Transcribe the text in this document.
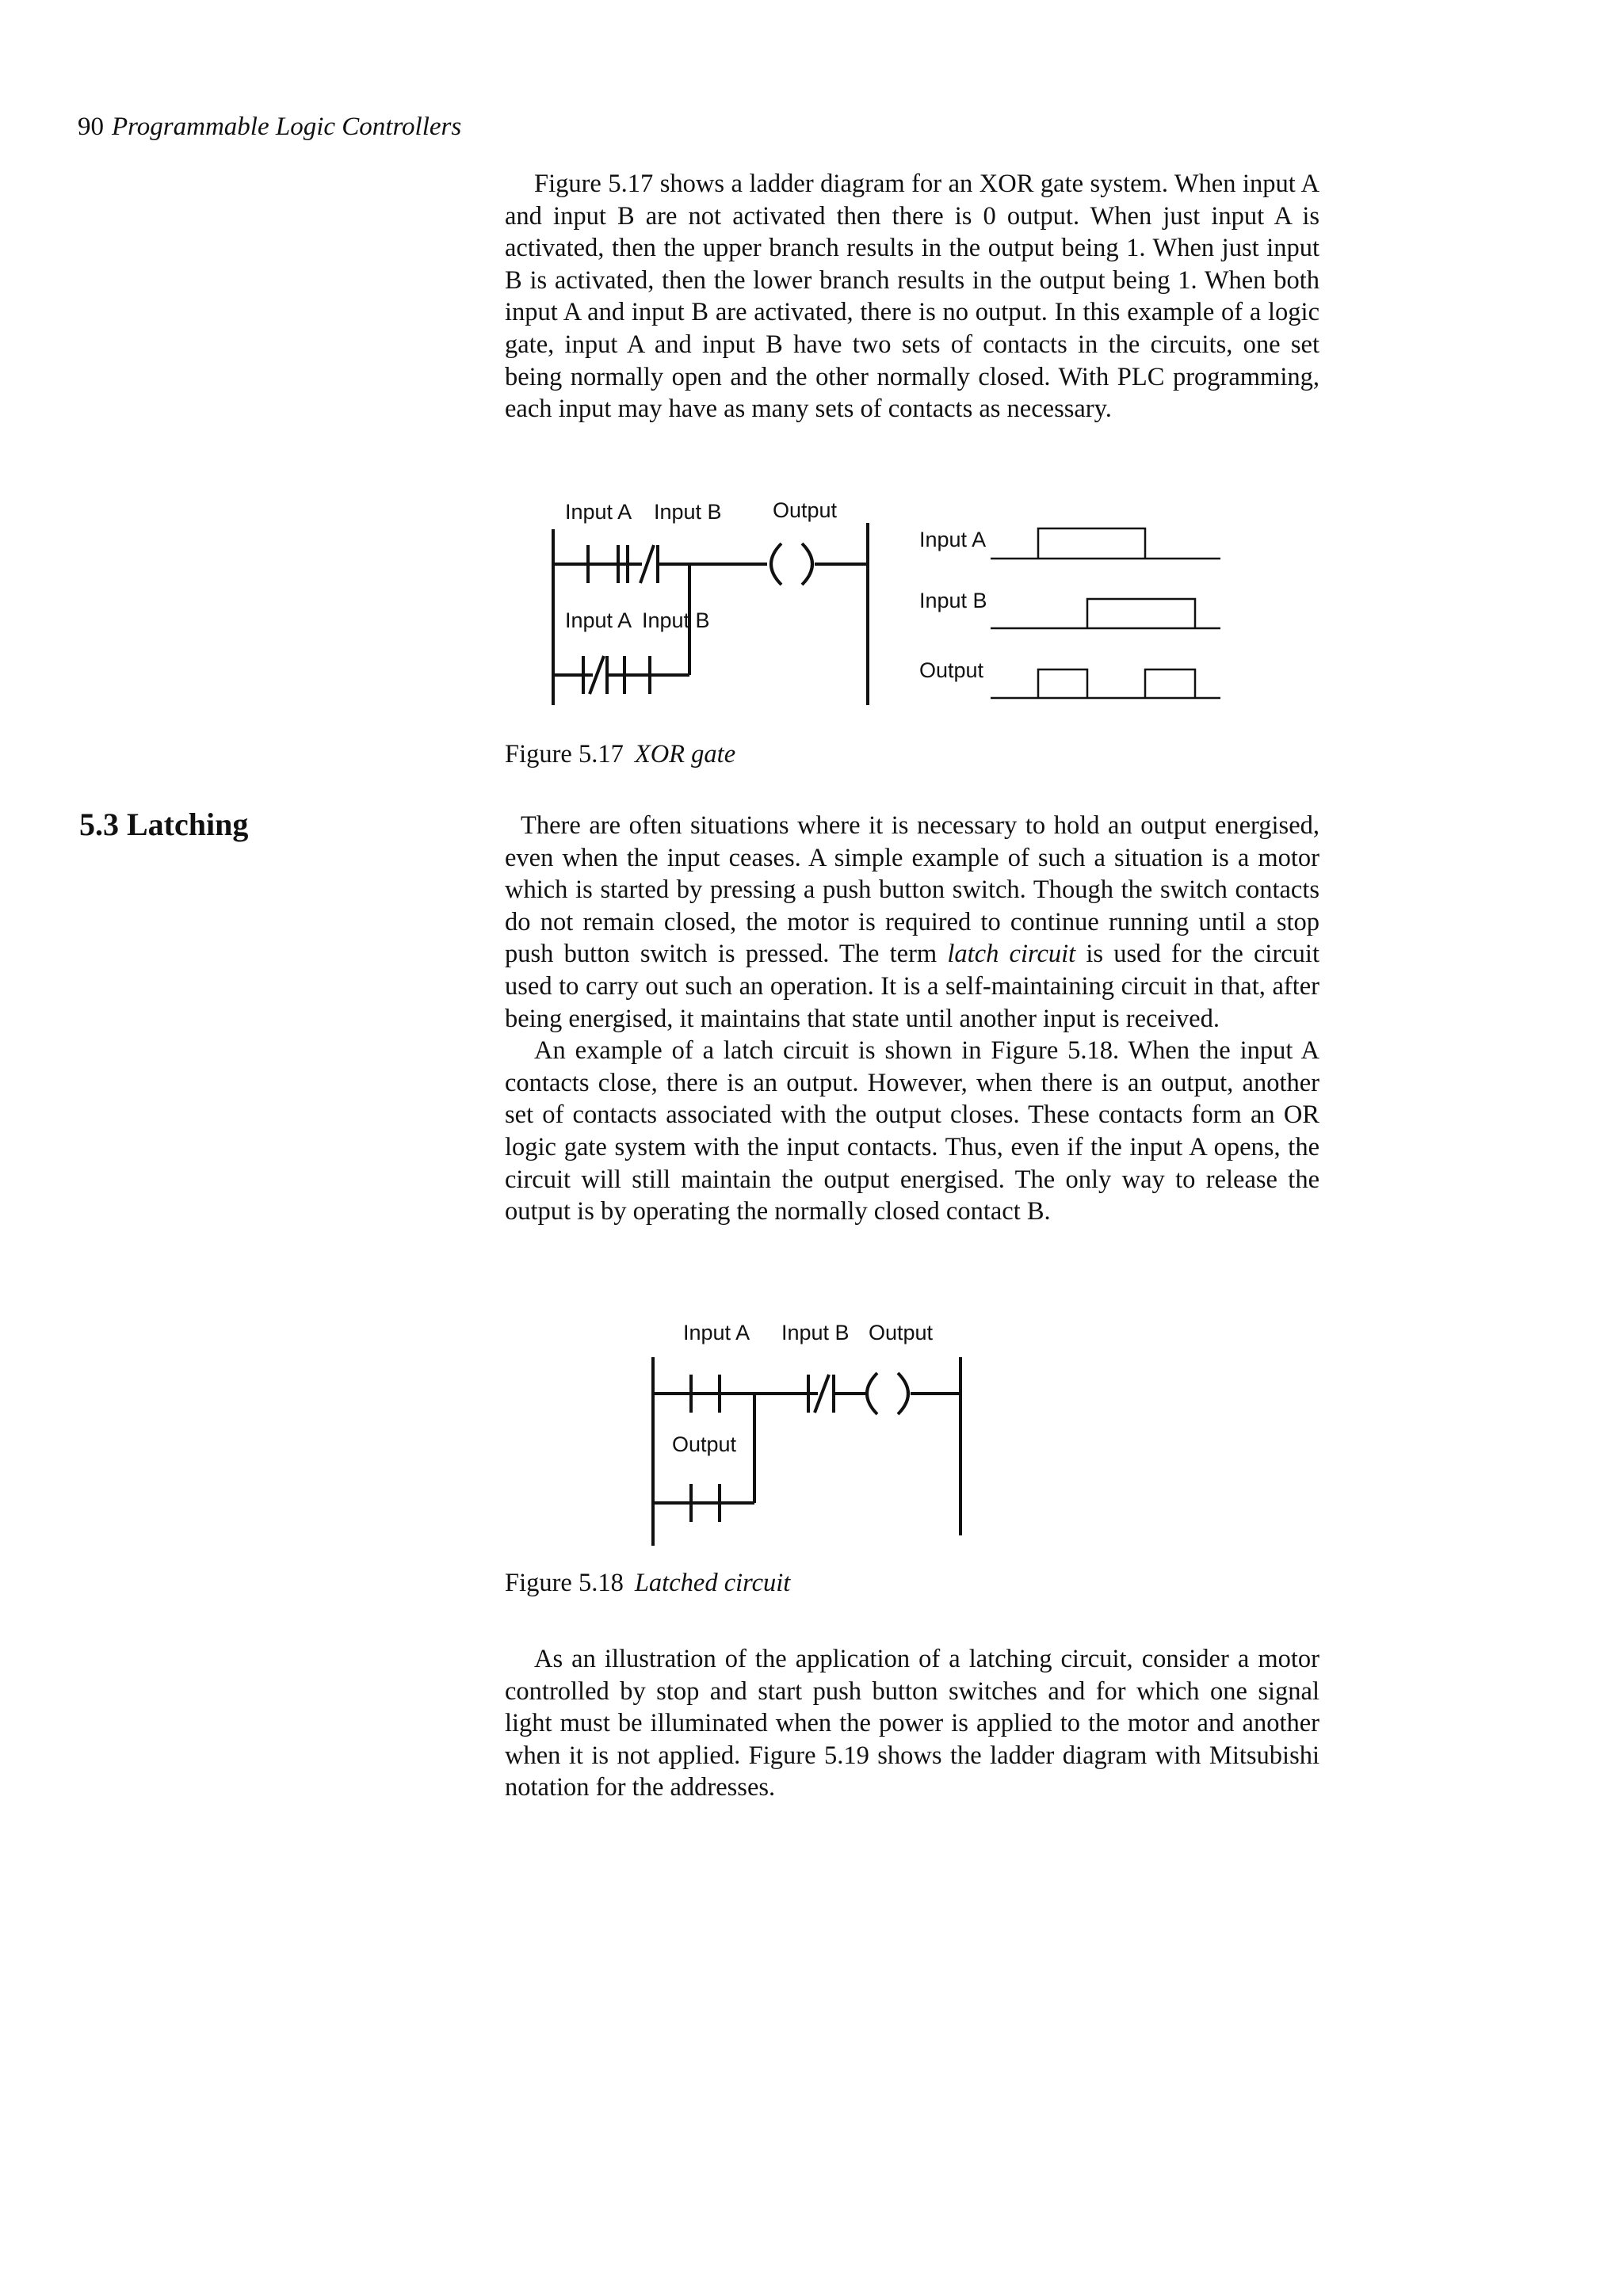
90 Programmable Logic Controllers

Figure 5.17 shows a ladder diagram for an XOR gate system. When input A and input B are not activated then there is 0 output. When just input A is activated, then the upper branch results in the output being 1. When just input B is activated, then the lower branch results in the output being 1. When both input A and input B are activated, there is no output. In this example of a logic gate, input A and input B have two sets of contacts in the circuits, one set being normally open and the other normally closed. With PLC programming, each input may have as many sets of contacts as necessary.

Input A Input B Output
Input A Input B
Input A
Input B
Output
Figure 5.17 XOR gate
5.3 Latching	There are often situations where it is necessary to hold an output energised, even when the input ceases. A simple example of such a situation is a motor which is started by pressing a push button switch. Though the switch contacts do not remain closed, the motor is required to continue running until a stop push button switch is pressed. The term latch circuit is used for the circuit used to carry out such an operation. It is a self-maintaining circuit in that, after being energised, it maintains that state until another input is received.

An example of a latch circuit is shown in Figure 5.18. When the input A contacts close, there is an output. However, when there is an output, another set of contacts associated with the output closes. These contacts form an OR logic gate system with the input contacts. Thus, even if the input A opens, the circuit will still maintain the output energised. The only way to release the output is by operating the normally closed contact B.

Input A Input B Output
Output
Figure 5.18 Latched circuit

As an illustration of the application of a latching circuit, consider a motor controlled by stop and start push button switches and for which one signal light must be illuminated when the power is applied to the motor and another when it is not applied. Figure 5.19 shows the ladder diagram with Mitsubishi notation for the addresses.
